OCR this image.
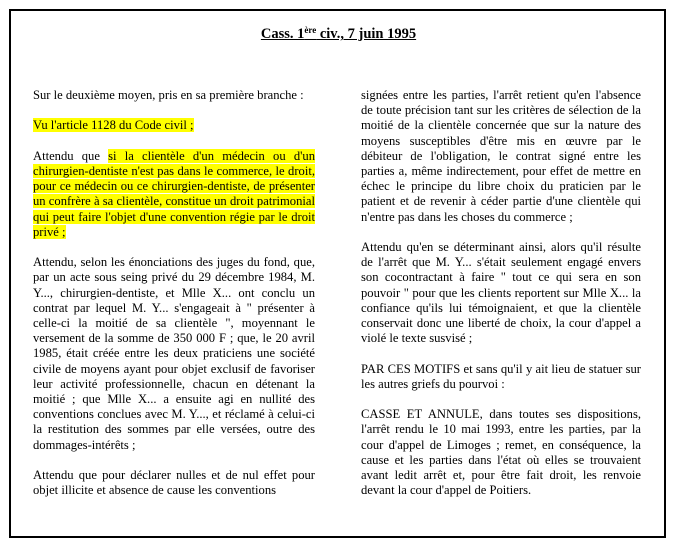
Cass. 1ère civ., 7 juin 1995

Sur le deuxième moyen, pris en sa première branche :

Vu l'article 1128 du Code civil ;

Attendu que si la clientèle d'un médecin ou d'un chirurgien-dentiste n'est pas dans le commerce, le droit, pour ce médecin ou ce chirurgien-dentiste, de présenter un confrère à sa clientèle, constitue un droit patrimonial qui peut faire l'objet d'une convention régie par le droit privé ;

Attendu, selon les énonciations des juges du fond, que, par un acte sous seing privé du 29 décembre 1984, M. Y..., chirurgien-dentiste, et Mlle X... ont conclu un contrat par lequel M. Y... s'engageait à " présenter à celle-ci la moitié de sa clientèle ", moyennant le versement de la somme de 350 000 F ; que, le 20 avril 1985, était créée entre les deux praticiens une société civile de moyens ayant pour objet exclusif de favoriser leur activité professionnelle, chacun en détenant la moitié ; que Mlle X... a ensuite agi en nullité des conventions conclues avec M. Y..., et réclamé à celui-ci la restitution des sommes par elle versées, outre des dommages-intérêts ;

Attendu que pour déclarer nulles et de nul effet pour objet illicite et absence de cause les conventions

signées entre les parties, l'arrêt retient qu'en l'absence de toute précision tant sur les critères de sélection de la moitié de la clientèle concernée que sur la nature des moyens susceptibles d'être mis en œuvre par le débiteur de l'obligation, le contrat signé entre les parties a, même indirectement, pour effet de mettre en échec le principe du libre choix du praticien par le patient et de revenir à céder partie d'une clientèle qui n'entre pas dans les choses du commerce ;

Attendu qu'en se déterminant ainsi, alors qu'il résulte de l'arrêt que M. Y... s'était seulement engagé envers son cocontractant à faire " tout ce qui sera en son pouvoir " pour que les clients reportent sur Mlle X... la confiance qu'ils lui témoignaient, et que la clientèle conservait donc une liberté de choix, la cour d'appel a violé le texte susvisé ;

PAR CES MOTIFS et sans qu'il y ait lieu de statuer sur les autres griefs du pourvoi :

CASSE ET ANNULE, dans toutes ses dispositions, l'arrêt rendu le 10 mai 1993, entre les parties, par la cour d'appel de Limoges ; remet, en conséquence, la cause et les parties dans l'état où elles se trouvaient avant ledit arrêt et, pour être fait droit, les renvoie devant la cour d'appel de Poitiers.
